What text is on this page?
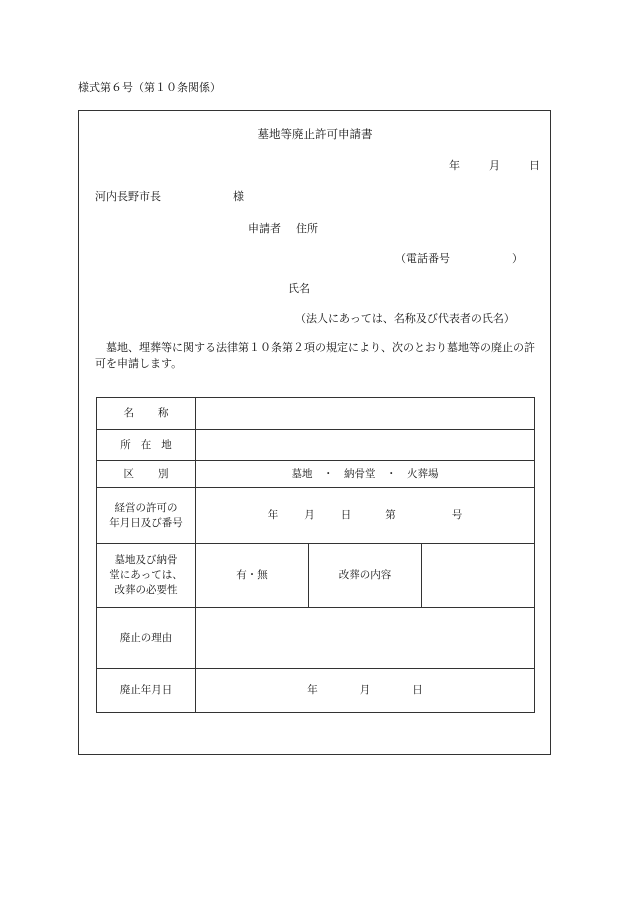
様式第６号（第１０条関係）
墓地等廃止許可申請書
年	月	日
河内長野市長	様
申請者 住所
（電話番号	）
氏名
（法人にあっては、名称及び代表者の氏名）
墓地、埋葬等に関する法律第１０条第２項の規定により、次のとおり墓地等の廃止の許可を申請します。
名 称			
所 在 地			
区 別	墓地　・　納骨堂　・　火葬場		

経営の許可の
年月日及び番号	年 月 日 第 号		

墓地及び納骨
堂にあっては、
改葬の必要性	有・無	改葬の内容	
廃止の理由			
廃止年月日	年 月 日		
